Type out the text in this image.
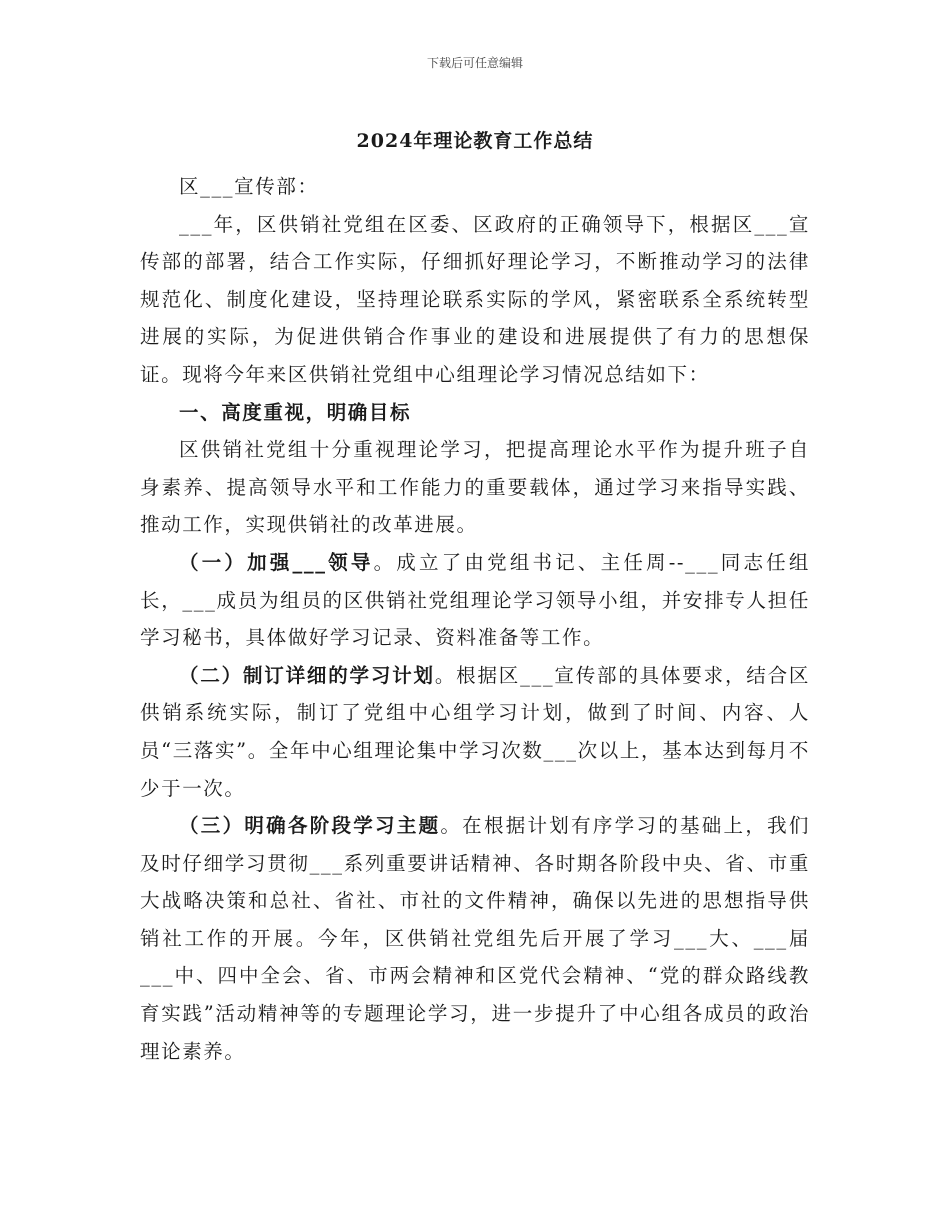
下载后可任意编辑
2024年理论教育工作总结

区___宣传部：

___年，区供销社党组在区委、区政府的正确领导下，根据区___宣传部的部署，结合工作实际，仔细抓好理论学习，不断推动学习的法律规范化、制度化建设，坚持理论联系实际的学风，紧密联系全系统转型进展的实际，为促进供销合作事业的建设和进展提供了有力的思想保证。现将今年来区供销社党组中心组理论学习情况总结如下：

一、高度重视，明确目标

区供销社党组十分重视理论学习，把提高理论水平作为提升班子自身素养、提高领导水平和工作能力的重要载体，通过学习来指导实践、推动工作，实现供销社的改革进展。

（一）加强___领导。成立了由党组书记、主任周--___同志任组长，___成员为组员的区供销社党组理论学习领导小组，并安排专人担任学习秘书，具体做好学习记录、资料准备等工作。

（二）制订详细的学习计划。根据区___宣传部的具体要求，结合区供销系统实际，制订了党组中心组学习计划，做到了时间、内容、人员“三落实”。全年中心组理论集中学习次数___次以上，基本达到每月不少于一次。

（三）明确各阶段学习主题。在根据计划有序学习的基础上，我们及时仔细学习贯彻___系列重要讲话精神、各时期各阶段中央、省、市重大战略决策和总社、省社、市社的文件精神，确保以先进的思想指导供销社工作的开展。今年，区供销社党组先后开展了学习___大、___届___中、四中全会、省、市两会精神和区党代会精神、“党的群众路线教育实践”活动精神等的专题理论学习，进一步提升了中心组各成员的政治理论素养。
